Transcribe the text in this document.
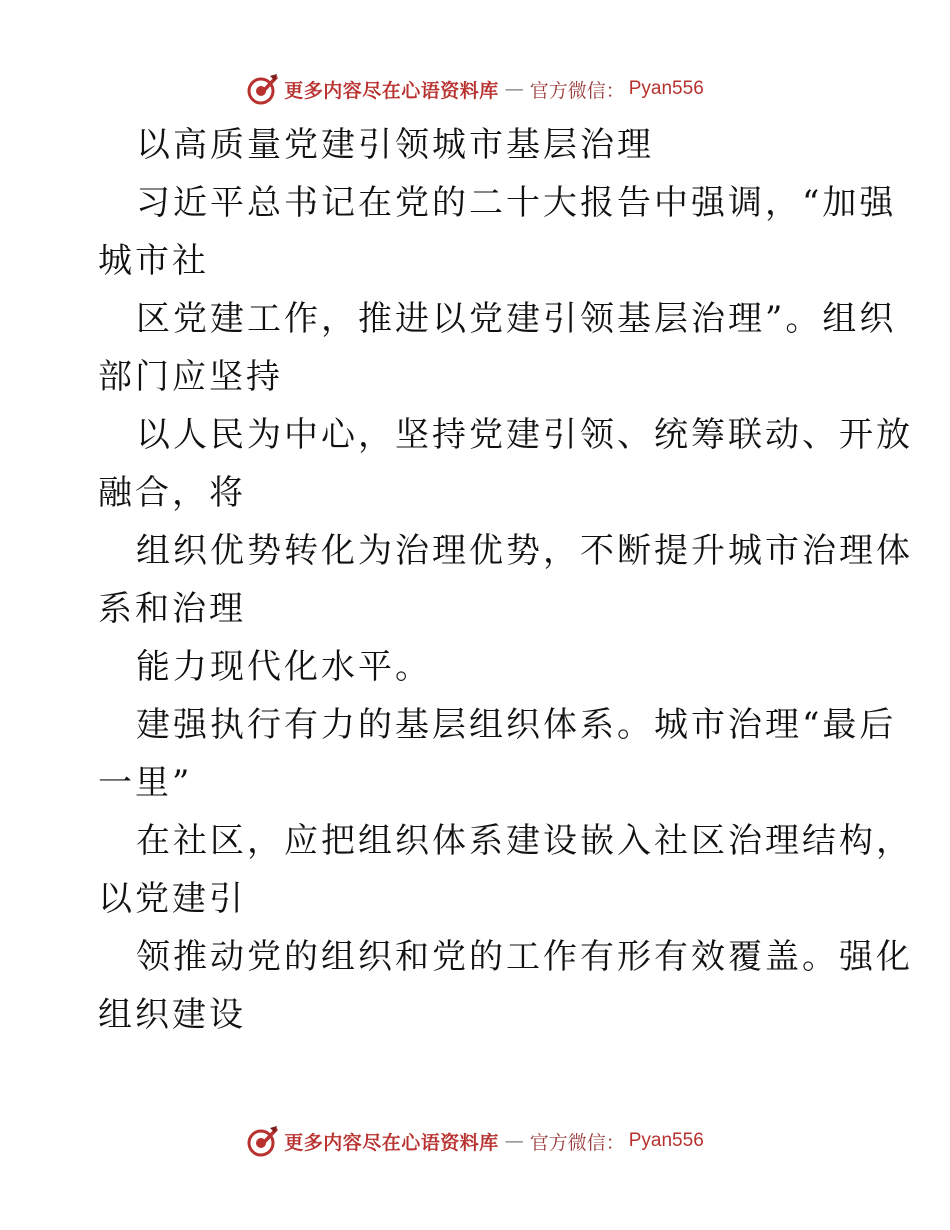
更多内容尽在心语资料库 — 官方微信： Pyan556
以高质量党建引领城市基层治理
习近平总书记在党的二十大报告中强调，“加强
城市社
区党建工作，推进以党建引领基层治理”。组织
部门应坚持
以人民为中心，坚持党建引领、统筹联动、开放
融合，将
组织优势转化为治理优势，不断提升城市治理体
系和治理
能力现代化水平。
建强执行有力的基层组织体系。城市治理“最后
一里”
在社区，应把组织体系建设嵌入社区治理结构，
以党建引
领推动党的组织和党的工作有形有效覆盖。强化
组织建设
更多内容尽在心语资料库 — 官方微信： Pyan556
